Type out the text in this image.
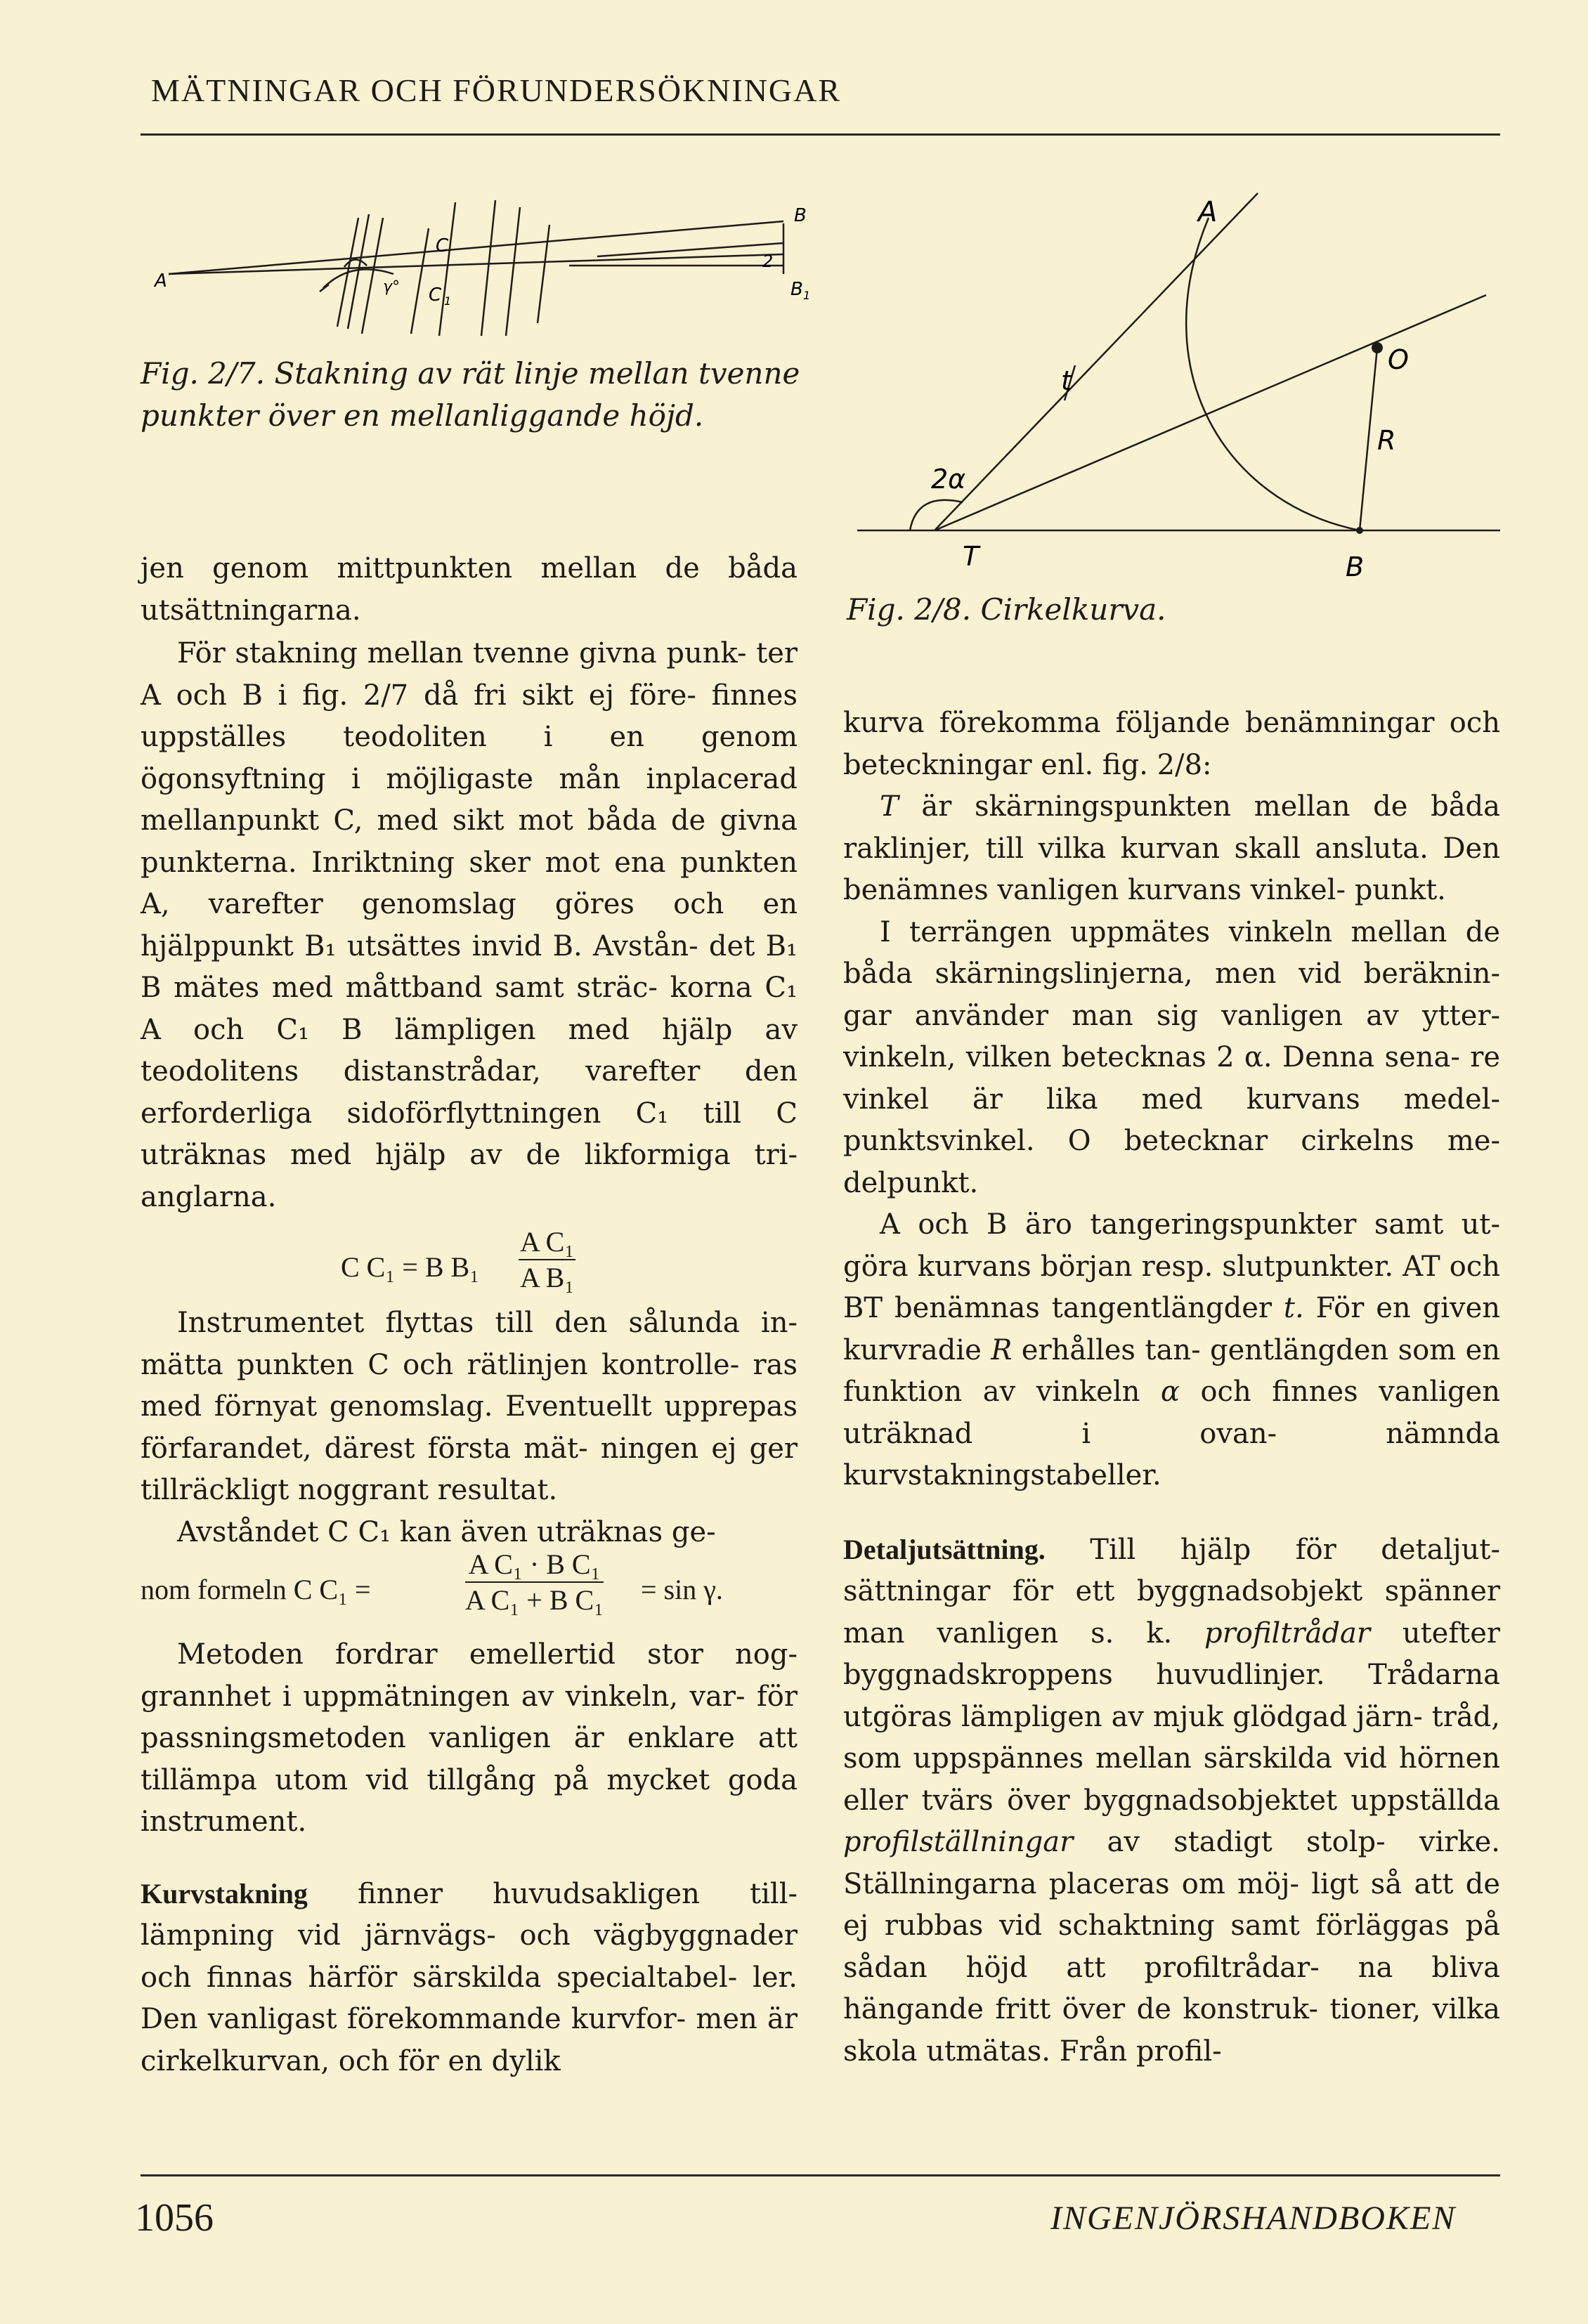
MÄTNINGAR OCH FÖRUNDERSÖKNINGAR
A
C
C 1
γ°
2
B
B 1
Fig. 2/7. Stakning av rät linje mellan tvenne punkter över en mellanliggande höjd.
A
O
t
R
2α
T	B
Fig. 2/8. Cirkelkurva.

jen genom mittpunkten mellan de båda utsättningarna.

För stakning mellan tvenne givna punk- ter A och B i fig. 2/7 då fri sikt ej före- finnes uppställes teodoliten i en genom ögonsyftning i möjligaste mån inplacerad mellanpunkt C, med sikt mot båda de givna punkterna. Inriktning sker mot ena punkten A, varefter genomslag göres och en hjälppunkt B₁ utsättes invid B. Avstån- det B₁ B mätes med måttband samt sträc- korna C₁ A och C₁ B lämpligen med hjälp av teodolitens distanstrådar, varefter den erforderliga sidoförflyttningen C₁ till C uträknas med hjälp av de likformiga tri- anglarna.

C C₁ = B $B_1 \frac{\text{A C₁}}{\text{A B₁}}$

Instrumentet flyttas till den sålunda in- mätta punkten C och rätlinjen kontrolle- ras med förnyat genomslag. Eventuellt upprepas förfarandet, därest första mät- ningen ej ger tillräckligt noggrant resultat.

Avståndet C C₁ kan även uträknas ge-

nom formeln C C₁ =	$\frac{\text{A C₁ · B C₁}}{\text{A C₁ + B C₁}} = \sin \gamma$.

Metoden fordrar emellertid stor nog- grannhet i uppmätningen av vinkeln, var- för passningsmetoden vanligen är enklare att tillämpa utom vid tillgång på mycket goda instrument.

Kurvstakning finner huvudsakligen till- lämpning vid järnvägs- och vägbyggnader och finnas härför särskilda specialtabel- ler. Den vanligast förekommande kurvfor- men är cirkelkurvan, och för en dylik

kurva förekomma följande benämningar och beteckningar enl. fig. 2/8:

T är skärningspunkten mellan de båda raklinjer, till vilka kurvan skall ansluta. Den benämnes vanligen kurvans vinkel- punkt.

I terrängen uppmätes vinkeln mellan de båda skärningslinjerna, men vid beräknin- gar använder man sig vanligen av ytter- vinkeln, vilken betecknas 2 α. Denna sena- re vinkel är lika med kurvans medel- punktsvinkel. O betecknar cirkelns me- delpunkt.

A och B äro tangeringspunkter samt ut- göra kurvans början resp. slutpunkter. AT och BT benämnas tangentlängder t. För en given kurvradie R erhålles tan- gentlängden som en funktion av vinkeln α och finnes vanligen uträknad i ovan- nämnda kurvstakningstabeller.

Detaljutsättning. Till hjälp för detaljut- sättningar för ett byggnadsobjekt spänner man vanligen s. k. profiltrådar utefter byggnadskroppens huvudlinjer. Trådarna utgöras lämpligen av mjuk glödgad järn- tråd, som uppspännes mellan särskilda vid hörnen eller tvärs över byggnadsobjektet uppställda profilställningar av stadigt stolp- virke. Ställningarna placeras om möj- ligt så att de ej rubbas vid schaktning samt förläggas på sådan höjd att profiltrådar- na bliva hängande fritt över de konstruk- tioner, vilka skola utmätas. Från profil-

1056	INGENJÖRSHANDBOKEN
